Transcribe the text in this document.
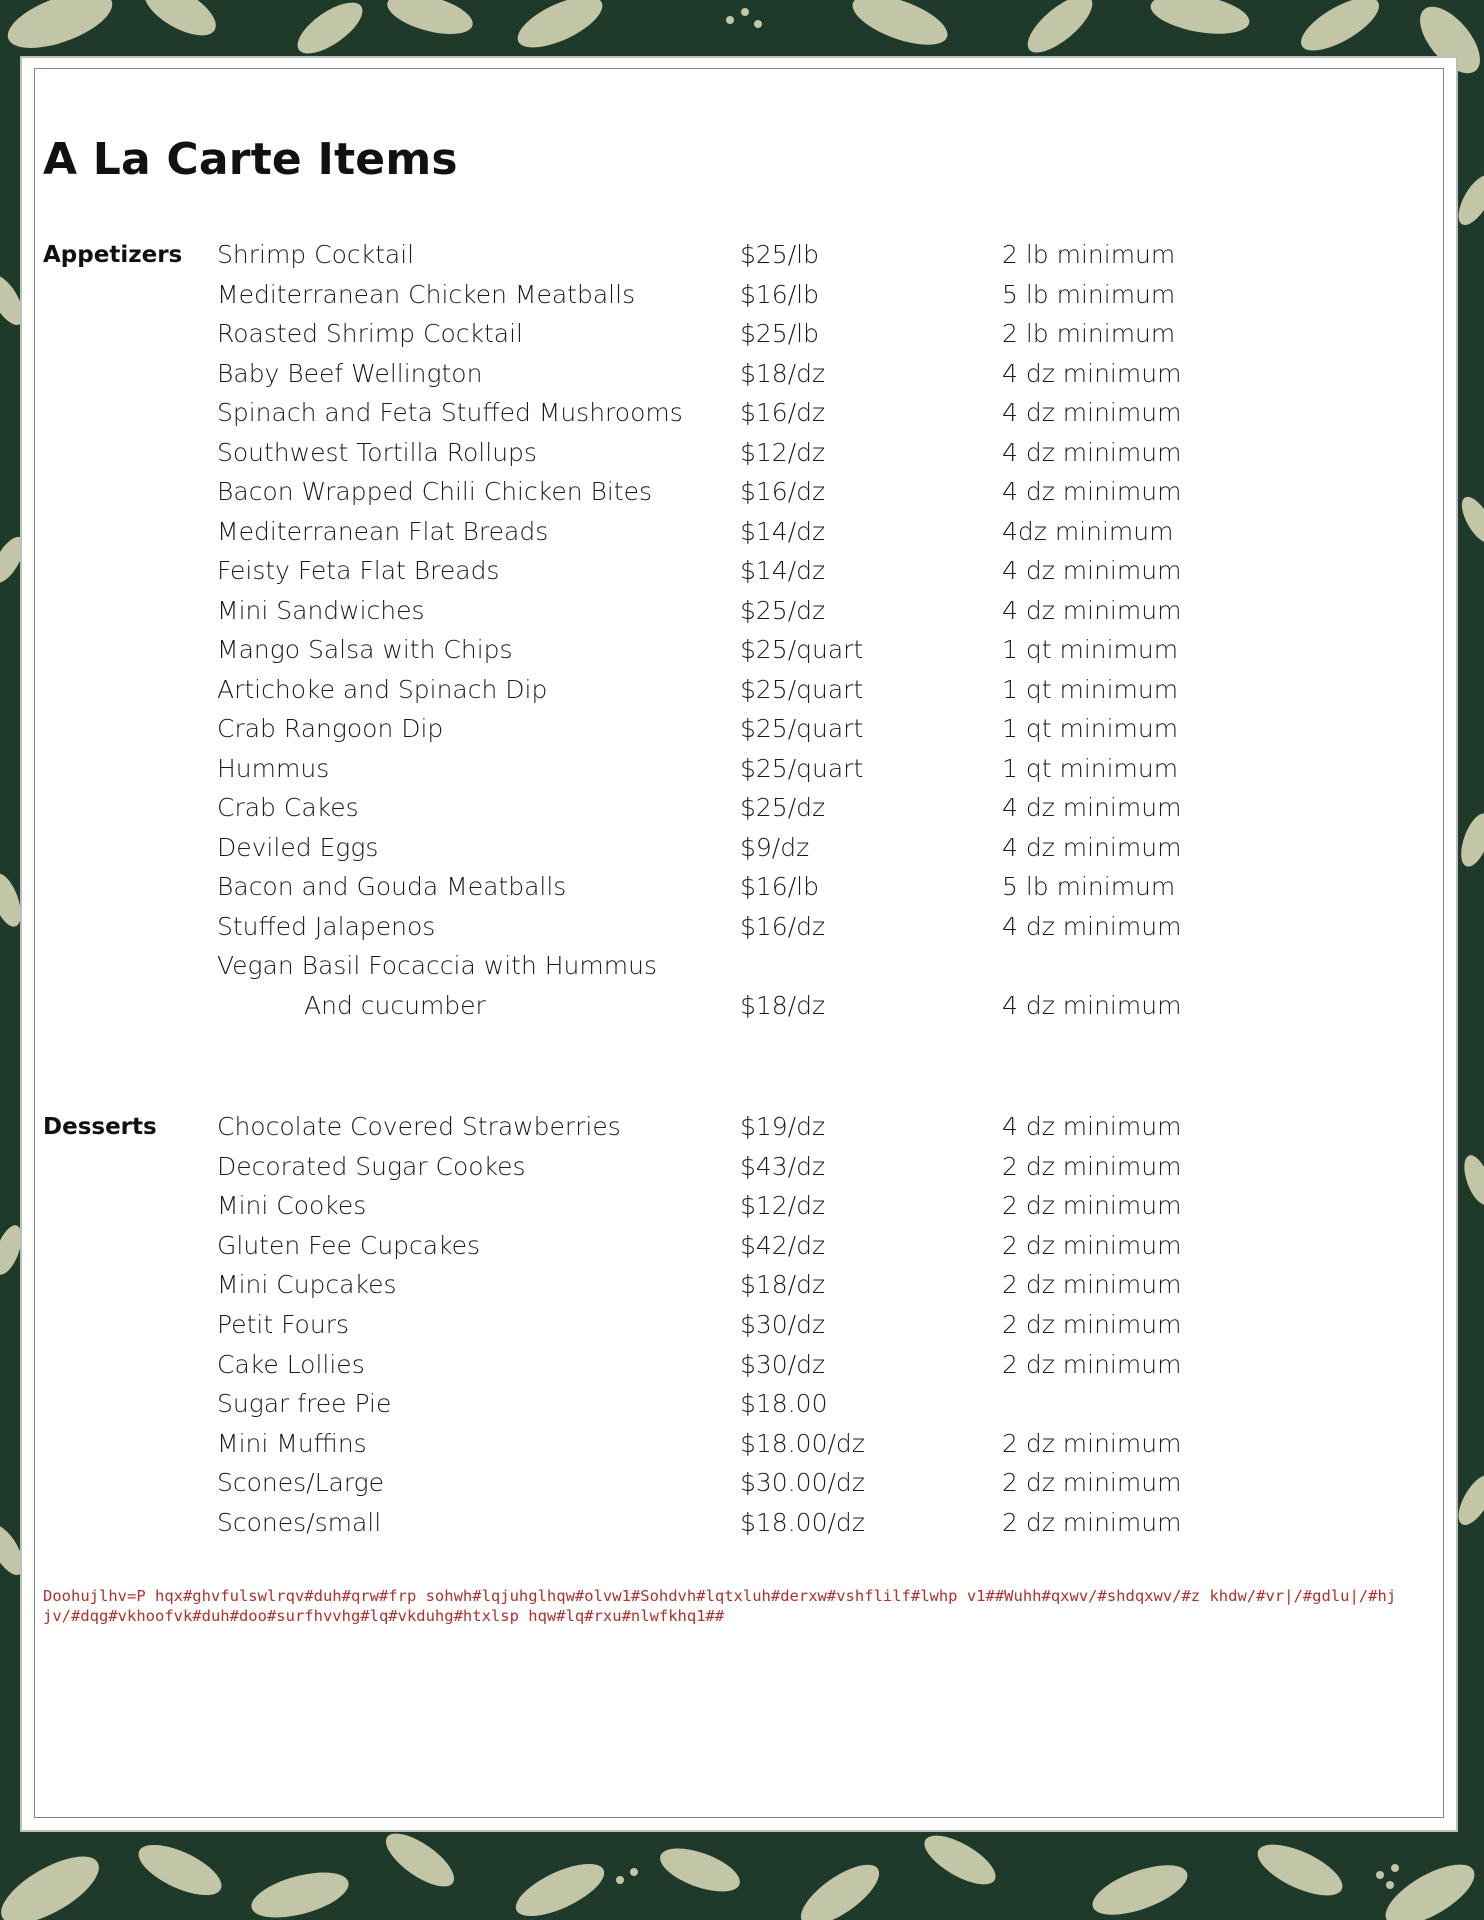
A La Carte Items
Appetizers Shrimp Cocktail	$25/lb	2 lb minimum
Mediterranean Chicken Meatballs	$16/lb	5 lb minimum
Roasted Shrimp Cocktail	$25/lb	2 lb minimum
Baby Beef Wellington	$18/dz	4 dz minimum
Spinach and Feta Stuffed Mushrooms $16/dz	4 dz minimum
Southwest Tortilla Rollups	$12/dz	4 dz minimum
Bacon Wrapped Chili Chicken Bites	$16/dz	4 dz minimum
Mediterranean Flat Breads	$14/dz	4dz minimum
Feisty Feta Flat Breads	$14/dz	4 dz minimum
Mini Sandwiches	$25/dz	4 dz minimum
Mango Salsa with Chips	$25/quart	1 qt minimum
Artichoke and Spinach Dip	$25/quart	1 qt minimum
Crab Rangoon Dip	$25/quart	1 qt minimum
Hummus	$25/quart	1 qt minimum
Crab Cakes	$25/dz	4 dz minimum
Deviled Eggs	$9/dz	4 dz minimum
Bacon and Gouda Meatballs	$16/lb	5 lb minimum
Stuffed Jalapenos	$16/dz	4 dz minimum
Vegan Basil Focaccia with Hummus
And cucumber	$18/dz	4 dz minimum
Desserts Chocolate Covered Strawberries	$19/dz	4 dz minimum
Decorated Sugar Cookes	$43/dz	2 dz minimum
Mini Cookes	$12/dz	2 dz minimum
Gluten Fee Cupcakes	$42/dz	2 dz minimum
Mini Cupcakes	$18/dz	2 dz minimum
Petit Fours	$30/dz	2 dz minimum
Cake Lollies	$30/dz	2 dz minimum
Sugar free Pie	$18.00
Mini Muffins	$18.00/dz	2 dz minimum
Scones/Large	$30.00/dz	2 dz minimum
Scones/small	$18.00/dz	2 dz minimum
Doohujlhv=P hqx#ghvfulswlrqv#duh#qrw#frp sohwh#lqjuhglhqw#olvw1#Sohdvh#lqtxluh#derxw#vshflilf#lwhp v1##Wuhh#qxwv/#shdqxwv/#z khdw/#vr|/#gdlu|/#hjjv/#dqg#vkhoofvk#duh#doo#surfhvvhg#lq#vkduhg#htxlsp hqw#lq#rxu#nlwfkhq1##
